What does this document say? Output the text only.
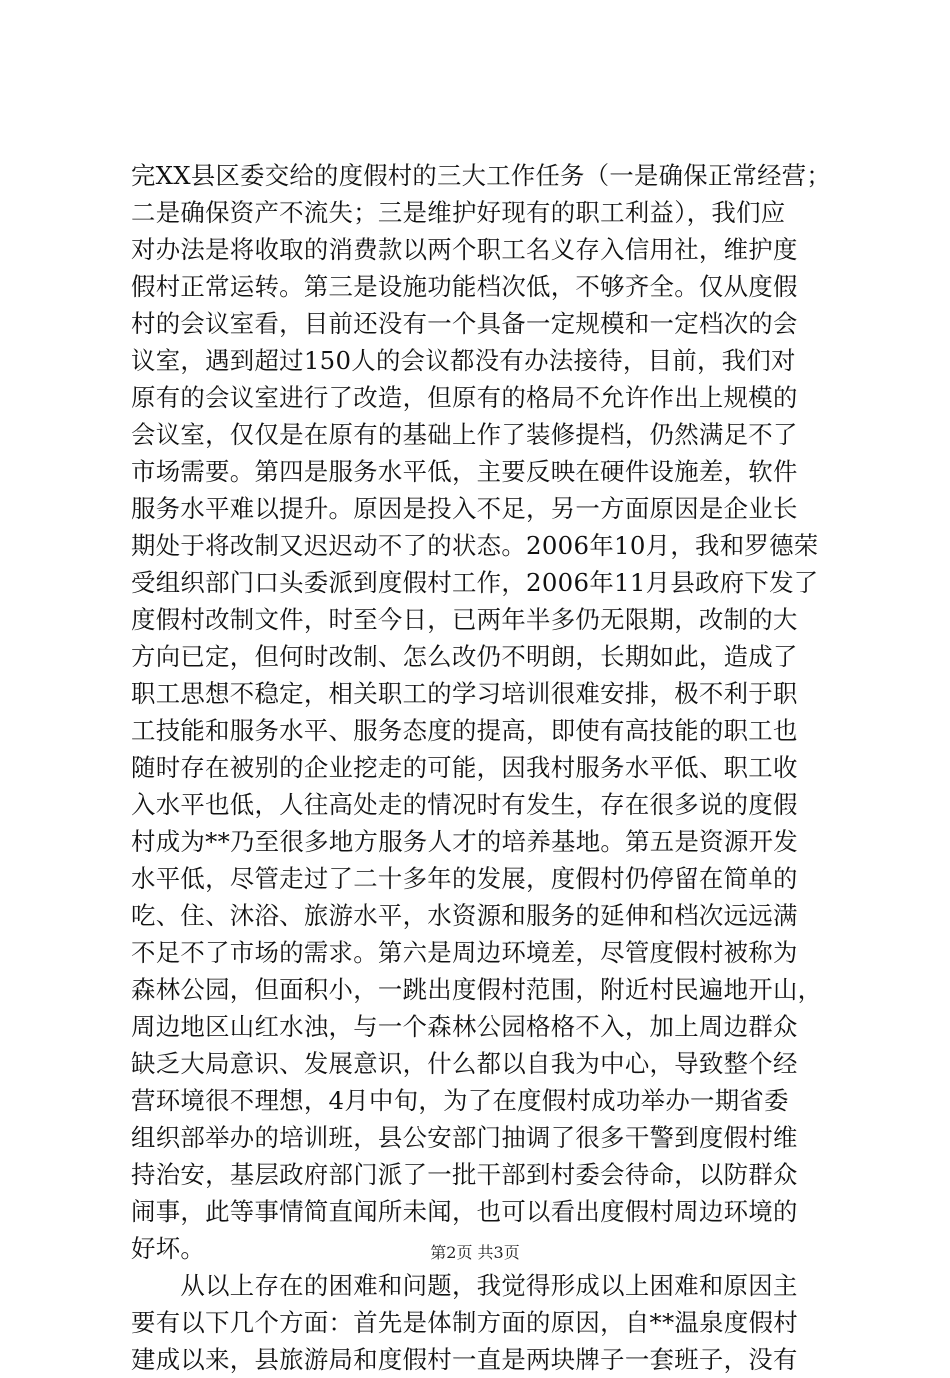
完XX县区委交给的度假村的三大工作任务（一是确保正常经营；
二是确保资产不流失；三是维护好现有的职工利益），我们应
对办法是将收取的消费款以两个职工名义存入信用社，维护度
假村正常运转。第三是设施功能档次低，不够齐全。仅从度假
村的会议室看，目前还没有一个具备一定规模和一定档次的会
议室，遇到超过150人的会议都没有办法接待，目前，我们对
原有的会议室进行了改造，但原有的格局不允许作出上规模的
会议室，仅仅是在原有的基础上作了装修提档，仍然满足不了
市场需要。第四是服务水平低，主要反映在硬件设施差，软件
服务水平难以提升。原因是投入不足，另一方面原因是企业长
期处于将改制又迟迟动不了的状态。2006年10月，我和罗德荣
受组织部门口头委派到度假村工作，2006年11月县政府下发了
度假村改制文件，时至今日，已两年半多仍无限期，改制的大
方向已定，但何时改制、怎么改仍不明朗，长期如此，造成了
职工思想不稳定，相关职工的学习培训很难安排，极不利于职
工技能和服务水平、服务态度的提高，即使有高技能的职工也
随时存在被别的企业挖走的可能，因我村服务水平低、职工收
入水平也低，人往高处走的情况时有发生，存在很多说的度假
村成为**乃至很多地方服务人才的培养基地。第五是资源开发
水平低，尽管走过了二十多年的发展，度假村仍停留在简单的
吃、住、沐浴、旅游水平，水资源和服务的延伸和档次远远满
不足不了市场的需求。第六是周边环境差，尽管度假村被称为
森林公园，但面积小，一跳出度假村范围，附近村民遍地开山，
周边地区山红水浊，与一个森林公园格格不入，加上周边群众
缺乏大局意识、发展意识，什么都以自我为中心，导致整个经
营环境很不理想，4月中旬，为了在度假村成功举办一期省委
组织部举办的培训班，县公安部门抽调了很多干警到度假村维
持治安，基层政府部门派了一批干部到村委会待命，以防群众
闹事，此等事情简直闻所未闻，也可以看出度假村周边环境的
好坏。
　　从以上存在的困难和问题，我觉得形成以上困难和原因主
要有以下几个方面：首先是体制方面的原因，自**温泉度假村
建成以来，县旅游局和度假村一直是两块牌子一套班子，没有
第2页 共3页
